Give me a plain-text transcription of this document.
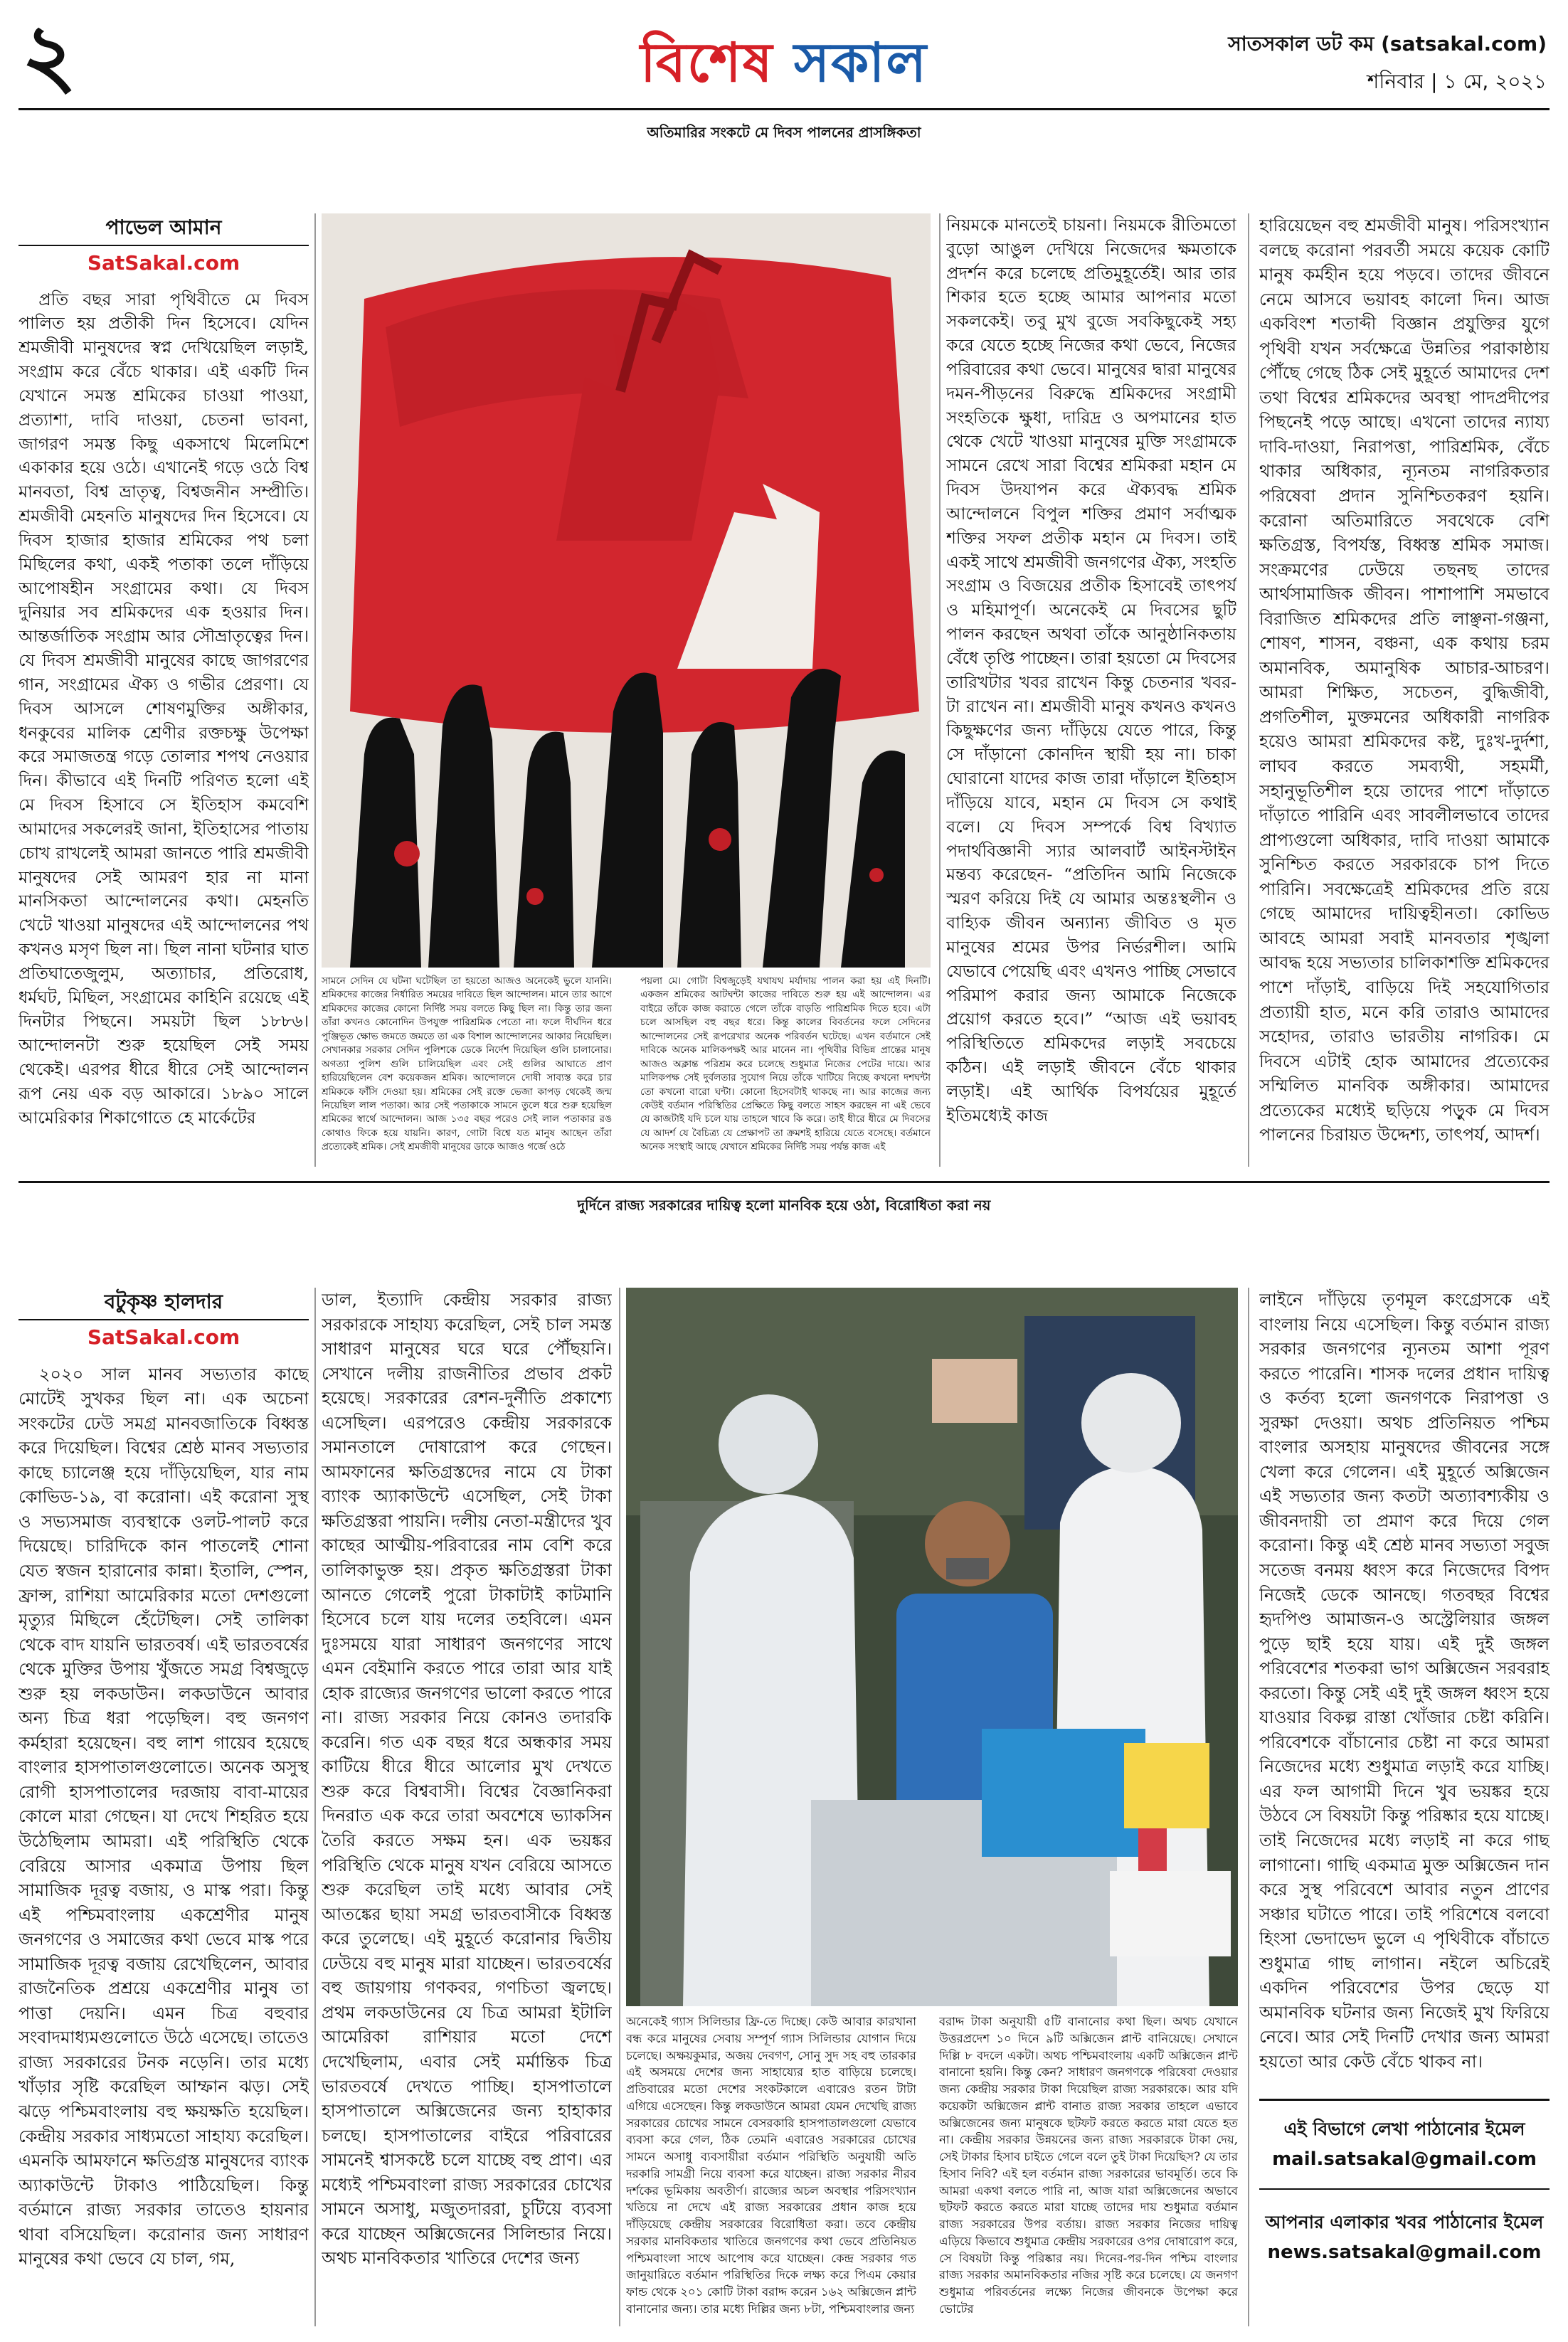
২	বিশেষ সকাল	সাতসকাল ডট কম (satsakal.com)
শনিবার | ১ মে, ২০২১
অতিমারির সংকটে মে দিবস পালনের প্রাসঙ্গিকতা
পাভেল আমান
SatSakal.com

প্রতি বছর সারা পৃথিবীতে মে দিবস পালিত হয় প্রতীকী দিন হিসেবে। যেদিন শ্রমজীবী মানুষদের স্বপ্ন দেখিয়েছিল লড়াই, সংগ্রাম করে বেঁচে থাকার। এই একটি দিন যেখানে সমস্ত শ্রমিকের চাওয়া পাওয়া, প্রত্যাশা, দাবি দাওয়া, চেতনা ভাবনা, জাগরণ সমস্ত কিছু একসাথে মিলেমিশে একাকার হয়ে ওঠে। এখানেই গড়ে ওঠে বিশ্ব মানবতা, বিশ্ব ভ্রাতৃত্ব, বিশ্বজনীন সম্প্রীতি। শ্রমজীবী মেহনতি মানুষদের দিন হিসেবে। যে দিবস হাজার হাজার শ্রমিকের পথ চলা মিছিলের কথা, একই পতাকা তলে দাঁড়িয়ে আপোষহীন সংগ্রামের কথা। যে দিবস দুনিয়ার সব শ্রমিকদের এক হওয়ার দিন। আন্তর্জাতিক সংগ্রাম আর সৌভ্রাতৃত্বের দিন। যে দিবস শ্রমজীবী মানুষের কাছে জাগরণের গান, সংগ্রামের ঐক্য ও গভীর প্রেরণা। যে দিবস আসলে শোষণমুক্তির অঙ্গীকার, ধনকুবের মালিক শ্রেণীর রক্তচক্ষু উপেক্ষা করে সমাজতন্ত্র গড়ে তোলার শপথ নেওয়ার দিন। কীভাবে এই দিনটি পরিণত হলো এই মে দিবস হিসাবে সে ইতিহাস কমবেশি আমাদের সকলেরই জানা, ইতিহাসের পাতায় চোখ রাখলেই আমরা জানতে পারি শ্রমজীবী মানুষদের সেই আমরণ হার না মানা মানসিকতা আন্দোলনের কথা। মেহনতি খেটে খাওয়া মানুষদের এই আন্দোলনের পথ কখনও মসৃণ ছিল না। ছিল নানা ঘটনার ঘাত প্রতিঘাতেজুলুম, অত্যাচার, প্রতিরোধ, ধর্মঘট, মিছিল, সংগ্রামের কাহিনি রয়েছে এই দিনটার পিছনে। সময়টা ছিল ১৮৮৬। আন্দোলনটা শুরু হয়েছিল সেই সময় থেকেই। এরপর ধীরে ধীরে সেই আন্দোলন রূপ নেয় এক বড় আকারে। ১৮৯০ সালে আমেরিকার শিকাগোতে হে মার্কেটের

সামনে সেদিন যে ঘটনা ঘটেছিল তা হয়তো আজও অনেকেই ভুলে যাননি। শ্রমিকদের কাজের নির্ধারিত সময়ের দাবিতে ছিল আন্দোলন। মানে তার আগে শ্রমিকদের কাজের কোনো নির্দিষ্ট সময় বলতে কিছু ছিল না। কিন্তু তার জন্য তাঁরা কখনও কোনোদিন উপযুক্ত পারিশ্রমিক পেতো না। ফলে দীর্ঘদিন ধরে পুঞ্জিভূত ক্ষোভ জমতে জমতে তা এক বিশাল আন্দোলনের আকার নিয়েছিল। সেখানকার সরকার সেদিন পুলিশকে ডেকে নির্দেশ দিয়েছিল গুলি চালানোর। অগত্যা পুলিশ গুলি চালিয়েছিল এবং সেই গুলির আঘাতে প্রাণ হারিয়েছিলেন বেশ কয়েকজন শ্রমিক। আন্দোলনে দোষী সাব্যস্ত করে চার শ্রমিককে ফাঁসি দেওয়া হয়। শ্রমিকের সেই রক্তে ভেজা কাপড় থেকেই জন্ম নিয়েছিল লাল পতাকা। আর সেই পতাকাকে সামনে তুলে ধরে শুরু হয়েছিল শ্রমিকের স্বার্থে আন্দোলন। আজ ১৩৫ বছর পরেও সেই লাল পতাকার রঙ কোথাও ফিকে হয়ে যায়নি। কারণ, গোটা বিশ্বে যত মানুষ আছেন তাঁরা প্রত্যেকেই শ্রমিক। সেই শ্রমজীবী মানুষের ডাকে আজও গর্জে ওঠে

পয়লা মে। গোটা বিশ্বজুড়েই যথাযথ মর্যাদায় পালন করা হয় এই দিনটি। একজন শ্রমিকের আটঘন্টা কাজের দাবিতে শুরু হয় এই আন্দোলন। এর বাইরে তাঁকে কাজ করাতে গেলে তাঁকে বাড়তি পারিশ্রমিক দিতে হবে। এটা চলে আসছিল বহু বছর ধরে। কিন্তু কালের বিবর্তনের ফলে সেদিনের আন্দোলনের সেই রূপরেখার অনেক পরিবর্তন ঘটেছে। এখন বর্তমানে সেই দাবিকে অনেক মালিকপক্ষই আর মানেন না। পৃথিবীর বিভিন্ন প্রান্তের মানুষ আজও অক্লান্ত পরিশ্রম করে চলেছে শুধুমাত্র নিজের পেটের দায়ে। আর মালিকপক্ষ সেই দুর্বলতার সুযোগ নিয়ে তাঁকে খাটিয়ে নিচ্ছে কখনো দশঘন্টা তো কখনো বারো ঘন্টা। কোনো হিসেবটাই থাকছে না। আর কাজের জন্য কেউই বর্তমান পরিস্থিতির প্রেক্ষিতে কিছু বলতে সাহস করছেন না এই ভেবে যে কাজটাই যদি চলে যায় তাহলে খাবে কি করে। তাই ধীরে ধীরে মে দিবসের যে আদর্শ যে বৈচিত্র্য যে প্রেক্ষাপট তা ক্রমশই হারিয়ে যেতে বসেছে। বর্তমানে অনেক সংস্থাই আছে যেখানে শ্রমিকের নির্দিষ্ট সময় পর্যন্ত কাজ এই

নিয়মকে মানতেই চায়না। নিয়মকে রীতিমতো বুড়ো আঙুল দেখিয়ে নিজেদের ক্ষমতাকে প্রদর্শন করে চলেছে প্রতিমুহূর্তেই। আর তার শিকার হতে হচ্ছে আমার আপনার মতো সকলকেই। তবু মুখ বুজে সবকিছুকেই সহ্য করে যেতে হচ্ছে নিজের কথা ভেবে, নিজের পরিবারের কথা ভেবে। মানুষের দ্বারা মানুষের দমন-পীড়নের বিরুদ্ধে শ্রমিকদের সংগ্রামী সংহতিকে ক্ষুধা, দারিদ্র ও অপমানের হাত থেকে খেটে খাওয়া মানুষের মুক্তি সংগ্রামকে সামনে রেখে সারা বিশ্বের শ্রমিকরা মহান মে দিবস উদযাপন করে ঐক্যবদ্ধ শ্রমিক আন্দোলনে বিপুল শক্তির প্রমাণ সর্বাত্মক শক্তির সফল প্রতীক মহান মে দিবস। তাই একই সাথে শ্রমজীবী জনগণের ঐক্য, সংহতি সংগ্রাম ও বিজয়ের প্রতীক হিসাবেই তাৎপর্য ও মহিমাপূর্ণ। অনেকেই মে দিবসের ছুটি পালন করছেন অথবা তাঁকে আনুষ্ঠানিকতায় বেঁধে তৃপ্তি পাচ্ছেন। তারা হয়তো মে দিবসের তারিখটার খবর রাখেন কিন্তু চেতনার খবর-টা রাখেন না। শ্রমজীবী মানুষ কখনও কখনও কিছুক্ষণের জন্য দাঁড়িয়ে যেতে পারে, কিন্তু সে দাঁড়ানো কোনদিন স্থায়ী হয় না। চাকা ঘোরানো যাদের কাজ তারা দাঁড়ালে ইতিহাস দাঁড়িয়ে যাবে, মহান মে দিবস সে কথাই বলে। যে দিবস সম্পর্কে বিশ্ব বিখ্যাত পদার্থবিজ্ঞানী স্যার আলবার্ট আইনস্টাইন মন্তব্য করেছেন- “প্রতিদিন আমি নিজেকে স্মরণ করিয়ে দিই যে আমার অন্তঃস্থলীন ও বাহ্যিক জীবন অন্যান্য জীবিত ও মৃত মানুষের শ্রমের উপর নির্ভরশীল। আমি যেভাবে পেয়েছি এবং এখনও পাচ্ছি সেভাবে পরিমাপ করার জন্য আমাকে নিজেকে প্রয়োগ করতে হবে।” “আজ এই ভয়াবহ পরিস্থিতিতে শ্রমিকদের লড়াই সবচেয়ে কঠিন। এই লড়াই জীবনে বেঁচে থাকার লড়াই। এই আর্থিক বিপর্যয়ের মুহূর্তে ইতিমধ্যেই কাজ

হারিয়েছেন বহু শ্রমজীবী মানুষ। পরিসংখ্যান বলছে করোনা পরবর্তী সময়ে কয়েক কোটি মানুষ কর্মহীন হয়ে পড়বে। তাদের জীবনে নেমে আসবে ভয়াবহ কালো দিন। আজ একবিংশ শতাব্দী বিজ্ঞান প্রযুক্তির যুগে পৃথিবী যখন সর্বক্ষেত্রে উন্নতির পরাকাষ্ঠায় পৌঁছে গেছে ঠিক সেই মুহূর্তে আমাদের দেশ তথা বিশ্বের শ্রমিকদের অবস্থা পাদপ্রদীপের পিছনেই পড়ে আছে। এখনো তাদের ন্যায্য দাবি-দাওয়া, নিরাপত্তা, পারিশ্রমিক, বেঁচে থাকার অধিকার, ন্যূনতম নাগরিকতার পরিষেবা প্রদান সুনিশ্চিতকরণ হয়নি। করোনা অতিমারিতে সবথেকে বেশি ক্ষতিগ্রস্ত, বিপর্যস্ত, বিধ্বস্ত শ্রমিক সমাজ। সংক্রমণের ঢেউয়ে তছনছ তাদের আর্থসামাজিক জীবন। পাশাপাশি সমভাবে বিরাজিত শ্রমিকদের প্রতি লাঞ্ছনা-গঞ্জনা, শোষণ, শাসন, বঞ্চনা, এক কথায় চরম অমানবিক, অমানুষিক আচার-আচরণ। আমরা শিক্ষিত, সচেতন, বুদ্ধিজীবী, প্রগতিশীল, মুক্তমনের অধিকারী নাগরিক হয়েও আমরা শ্রমিকদের কষ্ট, দুঃখ-দুর্দশা, লাঘব করতে সমব্যথী, সহমর্মী, সহানুভূতিশীল হয়ে তাদের পাশে দাঁড়াতে দাঁড়াতে পারিনি এবং সাবলীলভাবে তাদের প্রাপ্যগুলো অধিকার, দাবি দাওয়া আমাকে সুনিশ্চিত করতে সরকারকে চাপ দিতে পারিনি। সবক্ষেত্রেই শ্রমিকদের প্রতি রয়ে গেছে আমাদের দায়িত্বহীনতা। কোভিড আবহে আমরা সবাই মানবতার শৃঙ্খলা আবদ্ধ হয়ে সভ্যতার চালিকাশক্তি শ্রমিকদের পাশে দাঁড়াই, বাড়িয়ে দিই সহযোগিতার প্রত্যায়ী হাত, মনে করি তারাও আমাদের সহোদর, তারাও ভারতীয় নাগরিক। মে দিবসে এটাই হোক আমাদের প্রত্যেকের সম্মিলিত মানবিক অঙ্গীকার। আমাদের প্রত্যেকের মধ্যেই ছড়িয়ে পড়ুক মে দিবস পালনের চিরায়ত উদ্দেশ্য, তাৎপর্য, আদর্শ।

দুর্দিনে রাজ্য সরকারের দায়িত্ব হলো মানবিক হয়ে ওঠা, বিরোধিতা করা নয়
বটুকৃষ্ণ হালদার
SatSakal.com

২০২০ সাল মানব সভ্যতার কাছে মোটেই সুখকর ছিল না। এক অচেনা সংকটের ঢেউ সমগ্র মানবজাতিকে বিধ্বস্ত করে দিয়েছিল। বিশ্বের শ্রেষ্ঠ মানব সভ্যতার কাছে চ্যালেঞ্জ হয়ে দাঁড়িয়েছিল, যার নাম কোভিড-১৯, বা করোনা। এই করোনা সুস্থ ও সভ্যসমাজ ব্যবস্থাকে ওলট-পালট করে দিয়েছে। চারিদিকে কান পাতলেই শোনা যেত স্বজন হারানোর কান্না। ইতালি, স্পেন, ফ্রান্স, রাশিয়া আমেরিকার মতো দেশগুলো মৃত্যুর মিছিলে হেঁটেছিল। সেই তালিকা থেকে বাদ যায়নি ভারতবর্ষ। এই ভারতবর্ষের থেকে মুক্তির উপায় খুঁজতে সমগ্র বিশ্বজুড়ে শুরু হয় লকডাউন। লকডাউনে আবার অন্য চিত্র ধরা পড়েছিল। বহু জনগণ কর্মহারা হয়েছেন। বহু লাশ গায়েব হয়েছে বাংলার হাসপাতালগুলোতে। অনেক অসুস্থ রোগী হাসপাতালের দরজায় বাবা-মায়ের কোলে মারা গেছেন। যা দেখে শিহরিত হয়ে উঠেছিলাম আমরা। এই পরিস্থিতি থেকে বেরিয়ে আসার একমাত্র উপায় ছিল সামাজিক দূরত্ব বজায়, ও মাস্ক পরা। কিন্তু এই পশ্চিমবাংলায় একশ্রেণীর মানুষ জনগণের ও সমাজের কথা ভেবে মাস্ক পরে সামাজিক দূরত্ব বজায় রেখেছিলেন, আবার রাজনৈতিক প্রশ্রয়ে একশ্রেণীর মানুষ তা পাত্তা দেয়নি। এমন চিত্র বহুবার সংবাদমাধ্যমগুলোতে উঠে এসেছে। তাতেও রাজ্য সরকারের টনক নড়েনি। তার মধ্যে খাঁড়ার সৃষ্টি করেছিল আম্ফান ঝড়। সেই ঝড়ে পশ্চিমবাংলায় বহু ক্ষয়ক্ষতি হয়েছিল। কেন্দ্রীয় সরকার সাধ্যমতো সাহায্য করেছিল। এমনকি আমফানে ক্ষতিগ্রস্ত মানুষদের ব্যাংক অ্যাকাউন্টে টাকাও পাঠিয়েছিল। কিন্তু বর্তমানে রাজ্য সরকার তাতেও হায়নার থাবা বসিয়েছিল। করোনার জন্য সাধারণ মানুষের কথা ভেবে যে চাল, গম,

ডাল, ইত্যাদি কেন্দ্রীয় সরকার রাজ্য সরকারকে সাহায্য করেছিল, সেই চাল সমস্ত সাধারণ মানুষের ঘরে ঘরে পৌঁছয়নি। সেখানে দলীয় রাজনীতির প্রভাব প্রকট হয়েছে। সরকারের রেশন-দুর্নীতি প্রকাশ্যে এসেছিল। এরপরেও কেন্দ্রীয় সরকারকে সমানতালে দোষারোপ করে গেছেন। আমফানের ক্ষতিগ্রস্তদের নামে যে টাকা ব্যাংক অ্যাকাউন্টে এসেছিল, সেই টাকা ক্ষতিগ্রস্তরা পায়নি। দলীয় নেতা-মন্ত্রীদের খুব কাছের আত্মীয়-পরিবারের নাম বেশি করে তালিকাভুক্ত হয়। প্রকৃত ক্ষতিগ্রস্তরা টাকা আনতে গেলেই পুরো টাকাটাই কাটমানি হিসেবে চলে যায় দলের তহবিলে। এমন দুঃসময়ে যারা সাধারণ জনগণের সাথে এমন বেইমানি করতে পারে তারা আর যাই হোক রাজ্যের জনগণের ভালো করতে পারে না। রাজ্য সরকার নিয়ে কোনও তদারকি করেনি। গত এক বছর ধরে অন্ধকার সময় কাটিয়ে ধীরে ধীরে আলোর মুখ দেখতে শুরু করে বিশ্ববাসী। বিশ্বের বৈজ্ঞানিকরা দিনরাত এক করে তারা অবশেষে ভ্যাকসিন তৈরি করতে সক্ষম হন। এক ভয়ঙ্কর পরিস্থিতি থেকে মানুষ যখন বেরিয়ে আসতে শুরু করেছিল তাই মধ্যে আবার সেই আতঙ্কের ছায়া সমগ্র ভারতবাসীকে বিধ্বস্ত করে তুলেছে। এই মুহূর্তে করোনার দ্বিতীয় ঢেউয়ে বহু মানুষ মারা যাচ্ছেন। ভারতবর্ষের বহু জায়গায় গণকবর, গণচিতা জ্বলছে। প্রথম লকডাউনের যে চিত্র আমরা ইটালি আমেরিকা রাশিয়ার মতো দেশে দেখেছিলাম, এবার সেই মর্মান্তিক চিত্র ভারতবর্ষে দেখতে পাচ্ছি। হাসপাতালে হাসপাতালে অক্সিজেনের জন্য হাহাকার চলছে। হাসপাতালের বাইরে পরিবারের সামনেই শ্বাসকষ্টে চলে যাচ্ছে বহু প্রাণ। এর মধ্যেই পশ্চিমবাংলা রাজ্য সরকারের চোখের সামনে অসাধু, মজুতদাররা, চুটিয়ে ব্যবসা করে যাচ্ছেন অক্সিজেনের সিলিন্ডার নিয়ে। অথচ মানবিকতার খাতিরে দেশের জন্য

অনেকেই গ্যাস সিলিন্ডার ফ্রি-তে দিচ্ছে। কেউ আবার কারখানা বন্ধ করে মানুষের সেবায় সম্পূর্ণ গ্যাস সিলিন্ডার যোগান দিয়ে চলেছে। অক্ষয়কুমার, অজয় দেবগণ, সোনু সুদ সহ বহু তারকার এই অসময়ে দেশের জন্য সাহায্যের হাত বাড়িয়ে চলেছে। প্রতিবারের মতো দেশের সংকটকালে এবারেও রতন টাটা এগিয়ে এসেছেন। কিন্তু লকডাউনে আমরা যেমন দেখেছি রাজ্য সরকারের চোখের সামনে বেসরকারি হাসপাতালগুলো যেভাবে ব্যবসা করে গেল, ঠিক তেমনি এবারেও সরকারের চোখের সামনে অসাধু ব্যবসায়ীরা বর্তমান পরিস্থিতি অনুযায়ী অতি দরকারি সামগ্রী নিয়ে ব্যবসা করে যাচ্ছেন। রাজ্য সরকার নীরব দর্শকের ভূমিকায় অবতীর্ণ। রাজ্যের অচল অবস্থার পরিসংখ্যান খতিয়ে না দেখে এই রাজ্য সরকারের প্রধান কাজ হয়ে দাঁড়িয়েছে কেন্দ্রীয় সরকারের বিরোধিতা করা। তবে কেন্দ্রীয় সরকার মানবিকতার খাতিরে জনগণের কথা ভেবে প্রতিনিয়ত পশ্চিমবাংলা সাথে আপোষ করে যাচ্ছেন। কেন্দ্র সরকার গত জানুয়ারিতে বর্তমান পরিস্থিতির দিকে লক্ষ্য করে পিএম কেয়ার ফান্ড থেকে ২০১ কোটি টাকা বরাদ্দ করেন ১৬২ অক্সিজেন প্লান্ট বানানোর জন্য। তার মধ্যে দিল্লির জন্য ৮টা, পশ্চিমবাংলার জন্য

বরাদ্দ টাকা অনুযায়ী ৫টি বানানোর কথা ছিল। অথচ যেখানে উত্তরপ্রদেশ ১০ দিনে ৯টি অক্সিজেন প্লান্ট বানিয়েছে। সেখানে দিল্লি ৮ বদলে একটা। অথচ পশ্চিমবাংলায় একটি অক্সিজেন প্লান্ট বানানো হয়নি। কিন্তু কেন? সাধারণ জনগণকে পরিষেবা দেওয়ার জন্য কেন্দ্রীয় সরকার টাকা দিয়েছিল রাজ্য সরকারকে। আর যদি কয়েকটা অক্সিজেন প্লান্ট বানাত রাজ্য সরকার তাহলে এভাবে অক্সিজেনের জন্য মানুষকে ছটফট করতে করতে মারা যেতে হত না। কেন্দ্রীয় সরকার উন্নয়নের জন্য রাজ্য সরকারকে টাকা দেয়, সেই টাকার হিসাব চাইতে গেলে বলে তুই টাকা দিয়েছিস? যে তার হিসাব নিবি? এই হল বর্তমান রাজ্য সরকারের ভাবমূর্তি। তবে কি আমরা একথা বলতে পারি না, আজ যারা অক্সিজেনের অভাবে ছটফট করতে করতে মারা যাচ্ছে তাদের দায় শুধুমাত্র বর্তমান রাজ্য সরকারের উপর বর্তায়। রাজ্য সরকার নিজের দায়িত্ব এড়িয়ে কিভাবে শুধুমাত্র কেন্দ্রীয় সরকারের ওপর দোষারোপ করে, সে বিষয়টা কিন্তু পরিষ্কার নয়। দিনের-পর-দিন পশ্চিম বাংলার রাজ্য সরকার অমানবিকতার নজির সৃষ্টি করে চলেছে। যে জনগণ শুধুমাত্র পরিবর্তনের লক্ষ্যে নিজের জীবনকে উপেক্ষা করে ভোটের

লাইনে দাঁড়িয়ে তৃণমূল কংগ্রেসকে এই বাংলায় নিয়ে এসেছিল। কিন্তু বর্তমান রাজ্য সরকার জনগণের ন্যূনতম আশা পূরণ করতে পারেনি। শাসক দলের প্রধান দায়িত্ব ও কর্তব্য হলো জনগণকে নিরাপত্তা ও সুরক্ষা দেওয়া। অথচ প্রতিনিয়ত পশ্চিম বাংলার অসহায় মানুষদের জীবনের সঙ্গে খেলা করে গেলেন। এই মুহূর্তে অক্সিজেন এই সভ্যতার জন্য কতটা অত্যাবশ্যকীয় ও জীবনদায়ী তা প্রমাণ করে দিয়ে গেল করোনা। কিন্তু এই শ্রেষ্ঠ মানব সভ্যতা সবুজ সতেজ বনময় ধ্বংস করে নিজেদের বিপদ নিজেই ডেকে আনছে। গতবছর বিশ্বের হৃদপিণ্ড আমাজন-ও অস্ট্রেলিয়ার জঙ্গল পুড়ে ছাই হয়ে যায়। এই দুই জঙ্গল পরিবেশের শতকরা ভাগ অক্সিজেন সরবরাহ করতো। কিন্তু সেই এই দুই জঙ্গল ধ্বংস হয়ে যাওয়ার বিকল্প রাস্তা খোঁজার চেষ্টা করিনি। পরিবেশকে বাঁচানোর চেষ্টা না করে আমরা নিজেদের মধ্যে শুধুমাত্র লড়াই করে যাচ্ছি। এর ফল আগামী দিনে খুব ভয়ঙ্কর হয়ে উঠবে সে বিষয়টা কিন্তু পরিষ্কার হয়ে যাচ্ছে। তাই নিজেদের মধ্যে লড়াই না করে গাছ লাগানো। গাছি একমাত্র মুক্ত অক্সিজেন দান করে সুস্থ পরিবেশে আবার নতুন প্রাণের সঞ্চার ঘটাতে পারে। তাই পরিশেষে বলবো হিংসা ভেদাভেদ ভুলে এ পৃথিবীকে বাঁচাতে শুধুমাত্র গাছ লাগান। নইলে অচিরেই একদিন পরিবেশের উপর ছেড়ে যা অমানবিক ঘটনার জন্য নিজেই মুখ ফিরিয়ে নেবে। আর সেই দিনটি দেখার জন্য আমরা হয়তো আর কেউ বেঁচে থাকব না।

এই বিভাগে লেখা পাঠানোর ইমেল
mail.satsakal@gmail.com
আপনার এলাকার খবর পাঠানোর ইমেল
news.satsakal@gmail.com
